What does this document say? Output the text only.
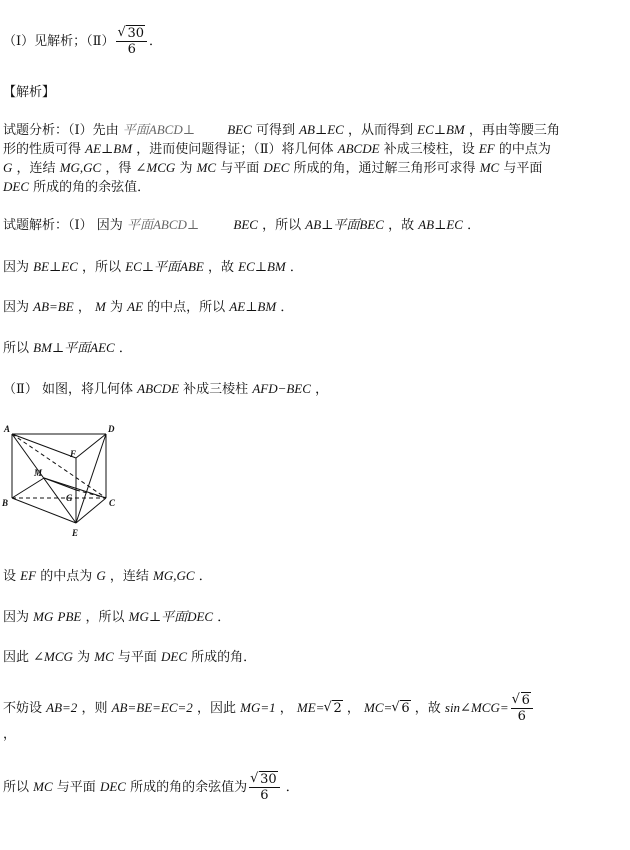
（Ⅰ）见解析；（Ⅱ） √ $\frac{30}{6}$ ．
【解析】
试题分析：（Ⅰ）先由 平面ABCD⊥ BEC 可得到 AB⊥EC ，从而得到 EC⊥BM ，再由等腰三角
形的性质可得 AE⊥BM ，进而使问题得证；（Ⅱ）将几何体 ABCDE 补成三棱柱，设 EF 的中点为
G ，连结 MG,GC ，得 ∠MCG 为 MC 与平面 DEC 所成的角，通过解三角形可求得 MC 与平面
DEC 所成的角的余弦值．
试题解析：（Ⅰ） 因为 平面ABCD⊥	BEC ，所以 AB⊥平面BEC ，故 AB⊥EC ．
因为 BE⊥EC ，所以 EC⊥平面ABE ，故 EC⊥BM ．
因为 AB=BE ， M 为 AE 的中点，所以 AE⊥BM ．
所以 BM⊥平面AEC ．
（Ⅱ） 如图，将几何体 ABCDE 补成三棱柱 AFD−BEC ，
A	D
F
M
B	G	C
E
设 EF 的中点为 G ，连结 MG,GC ．
因为 MG PBE ，所以 MG⊥平面DEC ．
因此 ∠MCG 为 MC 与平面 DEC 所成的角．
不妨设 AB=2 ，则 AB=BE=EC=2 ，因此 MG=1 ， ME= √ 2 ， MC= √ 6 ，故 sin∠MCG= √ $\frac{6}{6}$
，
所以 MC 与平面 DEC 所成的角的余弦值为 √ $\frac{30}{6}$ ．
